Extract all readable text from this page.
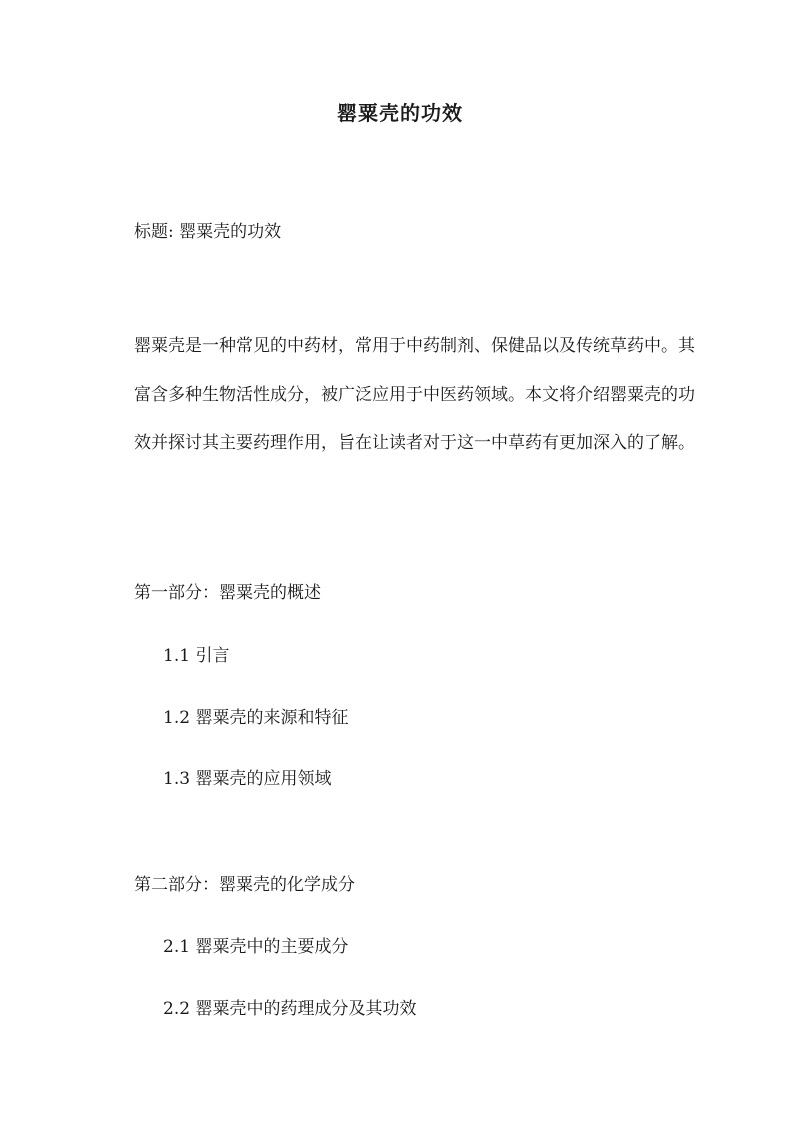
罂粟壳的功效

标题: 罂粟壳的功效

罂粟壳是一种常见的中药材，常用于中药制剂、保健品以及传统草药中。其富含多种生物活性成分，被广泛应用于中医药领域。本文将介绍罂粟壳的功效并探讨其主要药理作用，旨在让读者对于这一中草药有更加深入的了解。

第一部分：罂粟壳的概述

1.1 引言

1.2 罂粟壳的来源和特征

1.3 罂粟壳的应用领域

第二部分：罂粟壳的化学成分

2.1 罂粟壳中的主要成分

2.2 罂粟壳中的药理成分及其功效
